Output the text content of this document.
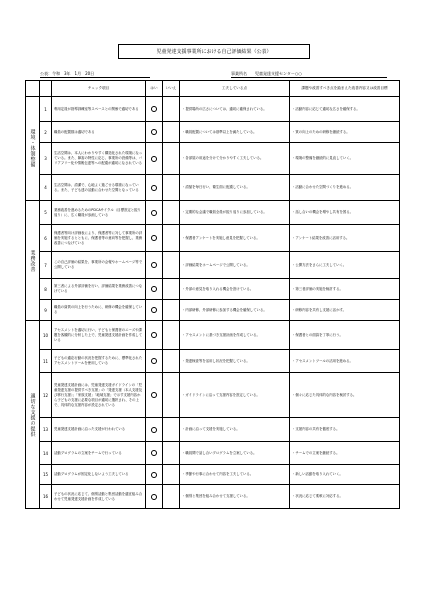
児童発達支援事業所における自己評価結果（公表）
公表：令和　3年　1月　20日	事業所名　　児童発達支援センター○○
		チェック項目	はい	いいえ	工夫している点	課題や改善すべき点を踏まえた改善内容又は改善目標
環境・体制整備	1	利用定員が指導訓練室等スペースとの関係で適切である			・提供場所の広さについては、適切に確保されている。	・活動内容に応じて適切な広さを確保する。
	2	職員の配置数は適切である			・職員配置については基準以上を満たしている。	・質の向上のための研修を継続する。
	3	生活空間は、本人にわかりやすく構造化された環境になっている。また、障害の特性に応じ、事業所の設備等は、バリアフリー化や情報伝達等への配慮が適切になされている			・各部屋の用途を分けて分かりやすく工夫している。	・環境の整備を継続的に見直していく。
	4	生活空間は、清潔で、心地よく過ごせる環境になっている。また、子ども達の活動に合わせた空間となっている			・清掃を毎日行い、衛生面に配慮している。	・活動に合わせた空間づくりを進める。
業務改善	5	業務改善を進めるためのPDCAサイクル（目標設定と振り返り）に、広く職員が参画している			・定期的な会議で職員全員が振り返りに参加している。	・話し合いの機会を増やし共有を図る。
	6	保護者等向け評価表により、保護者等に対して事業所の評価を実施するとともに、保護者等の意向等を把握し、業務改善につなげている			・保護者アンケートを実施し意見を把握している。	・アンケート結果を改善に活用する。
	7	この自己評価の結果を、事業所の会報やホームページ等で公開している			・評価結果をホームページで公開している。	・公開方法をさらに工夫していく。
	8	第三者による外部評価を行い、評価結果を業務改善につなげている			・外部の意見を取り入れる機会を設けている。	・第三者評価の実施を検討する。
	9	職員の資質の向上を行うために、研修の機会を確保している			・内部研修、外部研修に参加する機会を確保している。	・研修内容を共有し支援に活かす。
適切な支援の提供	10	アセスメントを適切に行い、子どもと保護者のニーズや課題を客観的に分析した上で、児童発達支援計画を作成している			・アセスメントに基づき支援計画を作成している。	・保護者との面談を丁寧に行う。
	11	子どもの適応行動の状況を把握するために、標準化されたアセスメントツールを使用している			・発達検査等を活用し状況を把握している。	・アセスメントツールの活用を進める。
	12	児童発達支援計画には、児童発達支援ガイドラインの「児童発達支援の提供すべき支援」の「発達支援（本人支援及び移行支援）」「家族支援」「地域支援」で示す支援内容から子どもの支援に必要な項目が適切に選択され、その上で、具体的な支援内容が設定されている			・ガイドラインに沿って支援内容を設定している。	・個々に応じた具体的な内容を検討する。
	13	児童発達支援計画に沿った支援が行われている			・計画に沿って支援を実施している。	・支援内容の共有を徹底する。
	14	活動プログラムの立案をチームで行っている			・職員間で話し合いプログラムを立案している。	・チームでの立案を継続する。
	15	活動プログラムが固定化しないよう工夫している			・季節や行事に合わせて内容を工夫している。	・新しい活動を取り入れていく。
	16	子どもの状況に応じて、個別活動と集団活動を適宜組み合わせて児童発達支援計画を作成している			・個別と集団を組み合わせて支援している。	・状況に応じて柔軟に対応する。
